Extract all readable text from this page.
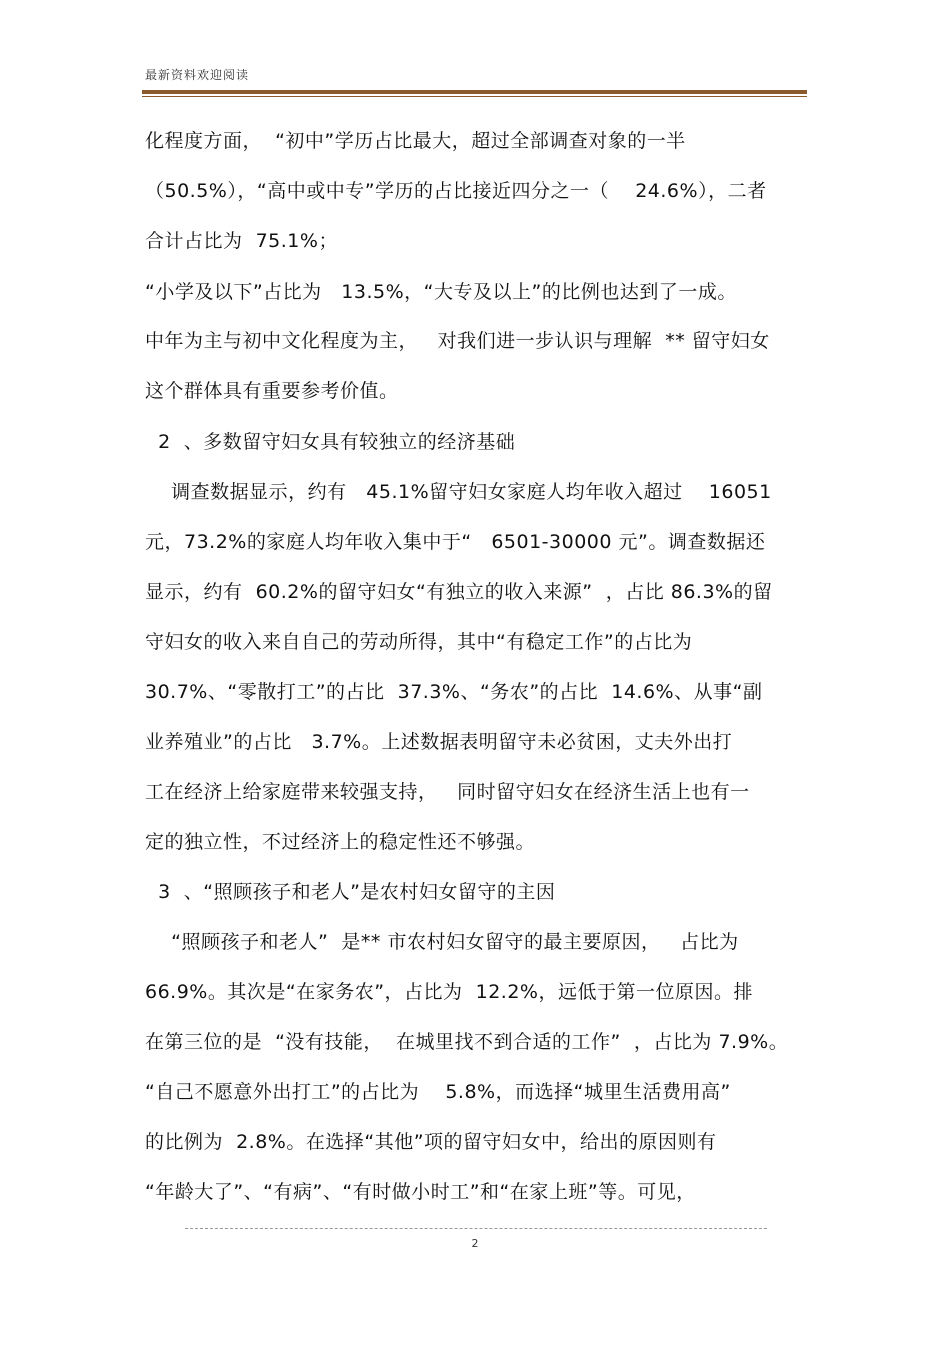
最新资料欢迎阅读
化程度方面，  “初中”学历占比最大，超过全部调查对象的一半
（50.5%），“高中或中专”学历的占比接近四分之一（    24.6%），二者
合计占比为  75.1%；
“小学及以下”占比为   13.5%，“大专及以上”的比例也达到了一成。
中年为主与初中文化程度为主，   对我们进一步认识与理解  ** 留守妇女
这个群体具有重要参考价值。
2  、多数留守妇女具有较独立的经济基础
调查数据显示，约有   45.1%留守妇女家庭人均年收入超过    16051
元，73.2%的家庭人均年收入集中于“   6501-30000 元”。调查数据还
显示，约有  60.2%的留守妇女“有独立的收入来源”  ，占比 86.3%的留
守妇女的收入来自自己的劳动所得，其中“有稳定工作”的占比为
30.7%、“零散打工”的占比  37.3%、“务农”的占比  14.6%、从事“副
业养殖业”的占比   3.7%。上述数据表明留守未必贫困，丈夫外出打
工在经济上给家庭带来较强支持，   同时留守妇女在经济生活上也有一
定的独立性，不过经济上的稳定性还不够强。
3  、“照顾孩子和老人”是农村妇女留守的主因
“照顾孩子和老人”  是** 市农村妇女留守的最主要原因，   占比为
66.9%。其次是“在家务农”，占比为  12.2%，远低于第一位原因。排
在第三位的是  “没有技能，  在城里找不到合适的工作”  ，占比为 7.9%。
“自己不愿意外出打工”的占比为    5.8%，而选择“城里生活费用高”
的比例为  2.8%。在选择“其他”项的留守妇女中，给出的原因则有
“年龄大了”、“有病”、“有时做小时工”和“在家上班”等。可见，
2
